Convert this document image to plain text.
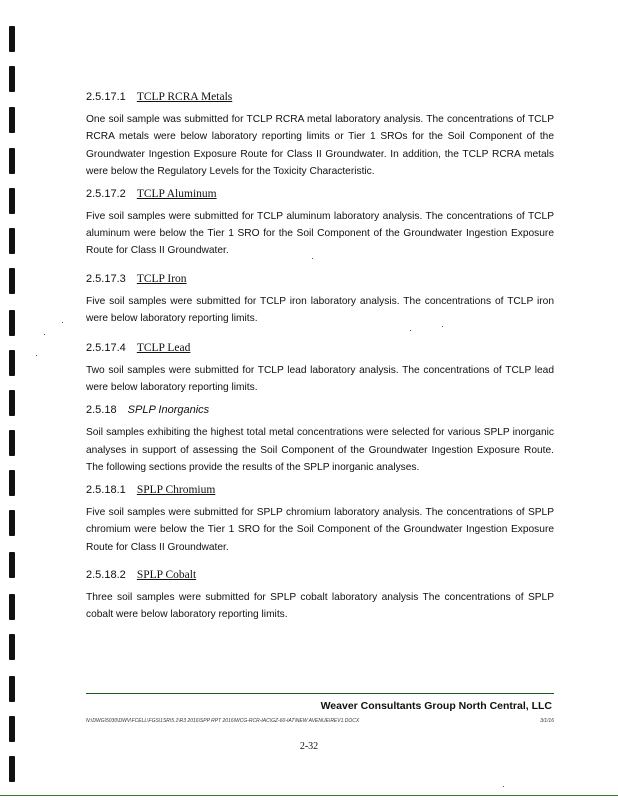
2.5.17.1 TCLP RCRA Metals

One soil sample was submitted for TCLP RCRA metal laboratory analysis. The concentrations of TCLP RCRA metals were below laboratory reporting limits or Tier 1 SROs for the Soil Component of the Groundwater Ingestion Exposure Route for Class II Groundwater. In addition, the TCLP RCRA metals were below the Regulatory Levels for the Toxicity Characteristic.

2.5.17.2 TCLP Aluminum

Five soil samples were submitted for TCLP aluminum laboratory analysis. The concentrations of TCLP aluminum were below the Tier 1 SRO for the Soil Component of the Groundwater Ingestion Exposure Route for Class II Groundwater.

2.5.17.3 TCLP Iron

Five soil samples were submitted for TCLP iron laboratory analysis. The concentrations of TCLP iron were below laboratory reporting limits.

2.5.17.4 TCLP Lead

Two soil samples were submitted for TCLP lead laboratory analysis. The concentrations of TCLP lead were below laboratory reporting limits.

2.5.18 SPLP Inorganics

Soil samples exhibiting the highest total metal concentrations were selected for various SPLP inorganic analyses in support of assessing the Soil Component of the Groundwater Ingestion Exposure Route. The following sections provide the results of the SPLP inorganic analyses.

2.5.18.1 SPLP Chromium

Five soil samples were submitted for SPLP chromium laboratory analysis. The concentrations of SPLP chromium were below the Tier 1 SRO for the Soil Component of the Groundwater Ingestion Exposure Route for Class II Groundwater.

2.5.18.2 SPLP Cobalt

Three soil samples were submitted for SPLP cobalt laboratory analysis The concentrations of SPLP cobalt were below laboratory reporting limits.

Weaver Consultants Group North Central, LLC
N:\DWG\5030\DWV\FCELL\FGS\1SR\5.1\R3 2016\SPP RPT 2016\WCG-RCR-IAC\GZ-60-IAT\NEW AVENUE\REV1.DOCX	3/1/16
2-32
